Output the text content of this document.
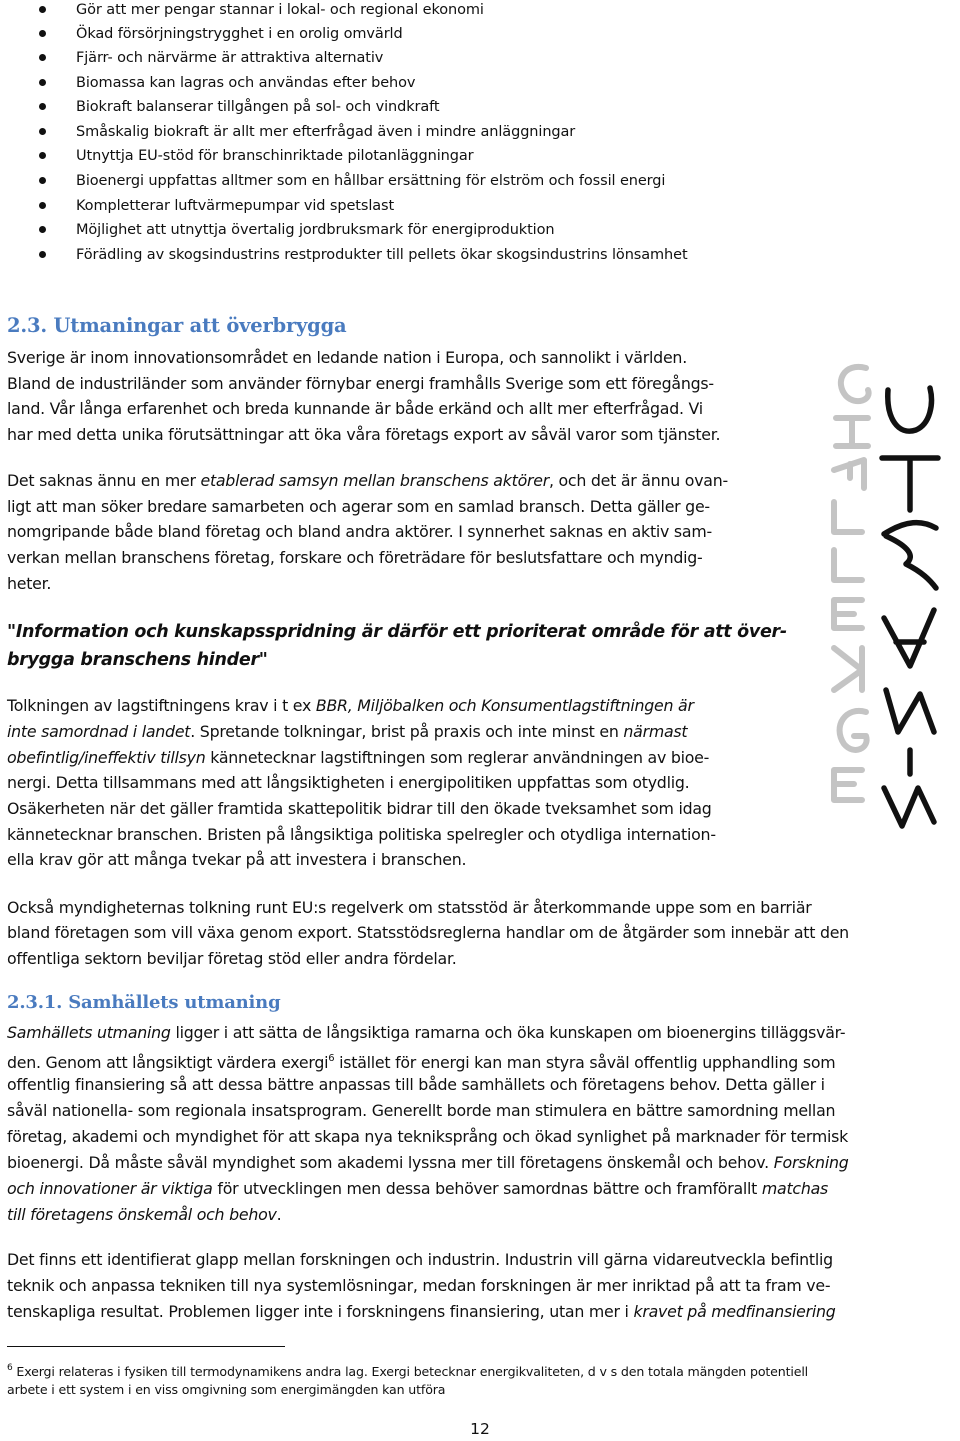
Gör att mer pengar stannar i lokal- och regional ekonomi
Ökad försörjningstrygghet i en orolig omvärld
Fjärr- och närvärme är attraktiva alternativ
Biomassa kan lagras och användas efter behov
Biokraft balanserar tillgången på sol- och vindkraft
Småskalig biokraft är allt mer efterfrågad även i mindre anläggningar
Utnyttja EU-stöd för branschinriktade pilotanläggningar
Bioenergi uppfattas alltmer som en hållbar ersättning för elström och fossil energi
Kompletterar luftvärmepumpar vid spetslast
Möjlighet att utnyttja övertalig jordbruksmark för energiproduktion
Förädling av skogsindustrins restprodukter till pellets ökar skogsindustrins lönsamhet
2.3. Utmaningar att överbrygga
Sverige är inom innovationsområdet en ledande nation i Europa, och sannolikt i världen.
Bland de industriländer som använder förnybar energi framhålls Sverige som ett föregångs-
land. Vår långa erfarenhet och breda kunnande är både erkänd och allt mer efterfrågad. Vi
har med detta unika förutsättningar att öka våra företags export av såväl varor som tjänster.
Det saknas ännu en mer etablerad samsyn mellan branschens aktörer, och det är ännu ovan-
ligt att man söker bredare samarbeten och agerar som en samlad bransch. Detta gäller ge-
nomgripande både bland företag och bland andra aktörer. I synnerhet saknas en aktiv sam-
verkan mellan branschens företag, forskare och företrädare för beslutsfattare och myndig-
heter.
"Information och kunskapsspridning är därför ett prioriterat område för att över-
brygga branschens hinder"
Tolkningen av lagstiftningens krav i t ex BBR, Miljöbalken och Konsumentlagstiftningen är
inte samordnad i landet. Spretande tolkningar, brist på praxis och inte minst en närmast
obefintlig/ineffektiv tillsyn kännetecknar lagstiftningen som reglerar användningen av bioe-
nergi. Detta tillsammans med att långsiktigheten i energipolitiken uppfattas som otydlig.
Osäkerheten när det gäller framtida skattepolitik bidrar till den ökade tveksamhet som idag
kännetecknar branschen. Bristen på långsiktiga politiska spelregler och otydliga internation-
ella krav gör att många tvekar på att investera i branschen.
Också myndigheternas tolkning runt EU:s regelverk om statsstöd är återkommande uppe som en barriär
bland företagen som vill växa genom export. Statsstödsreglerna handlar om de åtgärder som innebär att den
offentliga sektorn beviljar företag stöd eller andra fördelar.
2.3.1. Samhällets utmaning
Samhällets utmaning ligger i att sätta de långsiktiga ramarna och öka kunskapen om bioenergins tilläggsvär-
den. Genom att långsiktigt värdera exergi$^6$ istället för energi kan man styra såväl offentlig upphandling som
offentlig finansiering så att dessa bättre anpassas till både samhällets och företagens behov. Detta gäller i
såväl nationella- som regionala insatsprogram. Generellt borde man stimulera en bättre samordning mellan
företag, akademi och myndighet för att skapa nya tekniksprång och ökad synlighet på marknader för termisk
bioenergi. Då måste såväl myndighet som akademi lyssna mer till företagens önskemål och behov. Forskning
och innovationer är viktiga för utvecklingen men dessa behöver samordnas bättre och framförallt matchas
till företagens önskemål och behov.
Det finns ett identifierat glapp mellan forskningen och industrin. Industrin vill gärna vidareutveckla befintlig
teknik och anpassa tekniken till nya systemlösningar, medan forskningen är mer inriktad på att ta fram ve-
tenskapliga resultat. Problemen ligger inte i forskningens finansiering, utan mer i kravet på medfinansiering
$^6$ Exergi relateras i fysiken till termodynamikens andra lag. Exergi betecknar energikvaliteten, d v s den totala mängden potentiell
arbete i ett system i en viss omgivning som energimängden kan utföra
12
UTMANING
